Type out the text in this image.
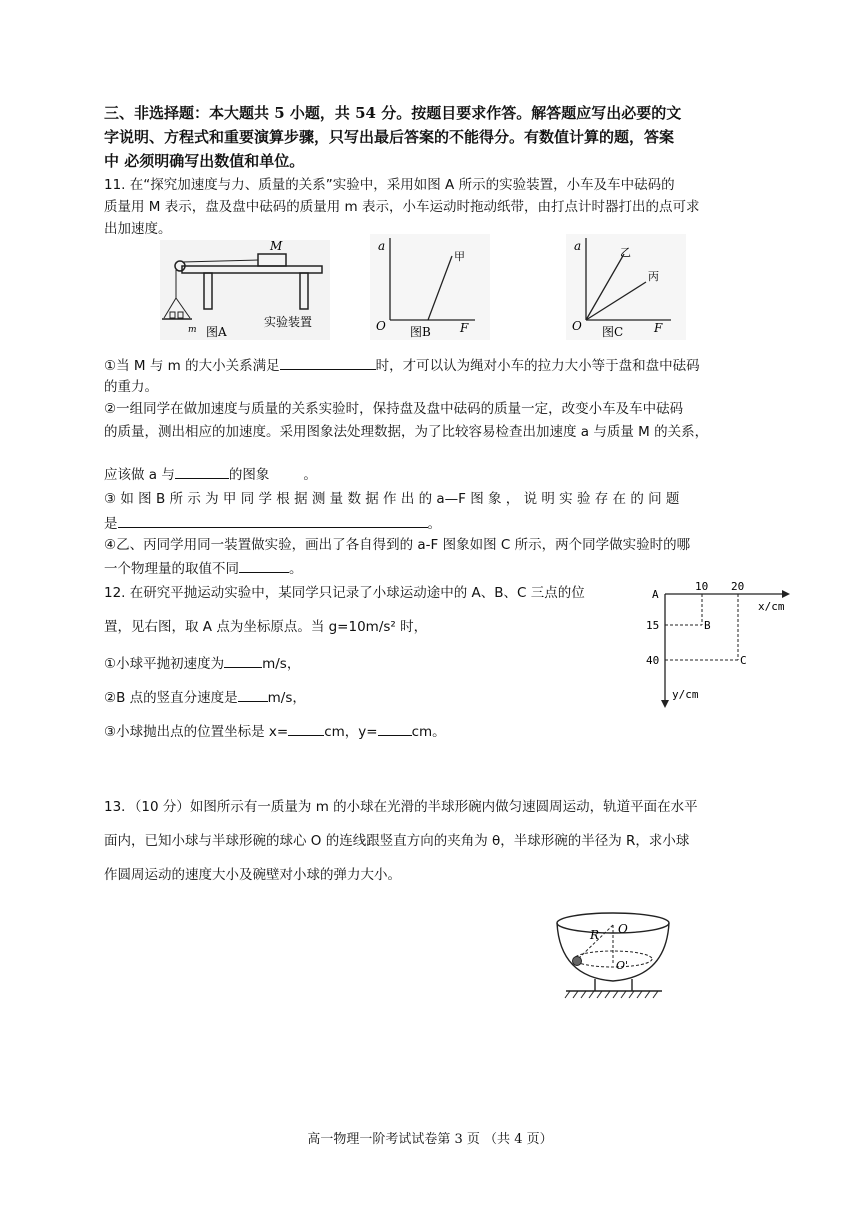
三、非选择题：本大题共 5 小题，共 54 分。按题目要求作答。解答题应写出必要的文
字说明、方程式和重要演算步骤，只写出最后答案的不能得分。有数值计算的题，答案
中 必须明确写出数值和单位。
11. 在“探究加速度与力、质量的关系”实验中，采用如图 A 所示的实验装置，小车及车中砝码的
质量用 M 表示，盘及盘中砝码的质量用 m 表示，小车运动时拖动纸带，由打点计时器打出的点可求
出加速度。
M
m 图A
实验装置
a
O	F
甲
图B
a
O	F
乙
丙
图C
①当 M 与 m 的大小关系满足	时，才可以认为绳对小车的拉力大小等于盘和盘中砝码
的重力。
②一组同学在做加速度与质量的关系实验时，保持盘及盘中砝码的质量一定，改变小车及车中砝码
的质量，测出相应的加速度。采用图象法处理数据，为了比较容易检查出加速度 a 与质量 M 的关系，
应该做 a 与	的图象	。
③ 如 图 B 所 示 为 甲 同 学 根 据 测 量 数 据 作 出 的 a—F 图 象 ， 说 明 实 验 存 在 的 问 题
是	。
④乙、丙同学用同一装置做实验，画出了各自得到的 a-F 图象如图 C 所示，两个同学做实验时的哪
一个物理量的取值不同	。
12. 在研究平抛运动实验中，某同学只记录了小球运动途中的 A、B、C 三点的位
置，见右图，取 A 点为坐标原点。当 g=10m/s² 时，
①小球平抛初速度为	m/s，
②B 点的竖直分速度是 m/s，
③小球抛出点的位置坐标是 x=	cm，y=	cm。
A
10 20
x/cm
15
40
B
C
y/cm
13．（10 分）如图所示有一质量为 m 的小球在光滑的半球形碗内做匀速圆周运动，轨道平面在水平
面内，已知小球与半球形碗的球心 O 的连线跟竖直方向的夹角为 θ，半球形碗的半径为 R，求小球
作圆周运动的速度大小及碗壁对小球的弹力大小。
R O
O'
高一物理一阶考试试卷第 3 页 （共 4 页）
